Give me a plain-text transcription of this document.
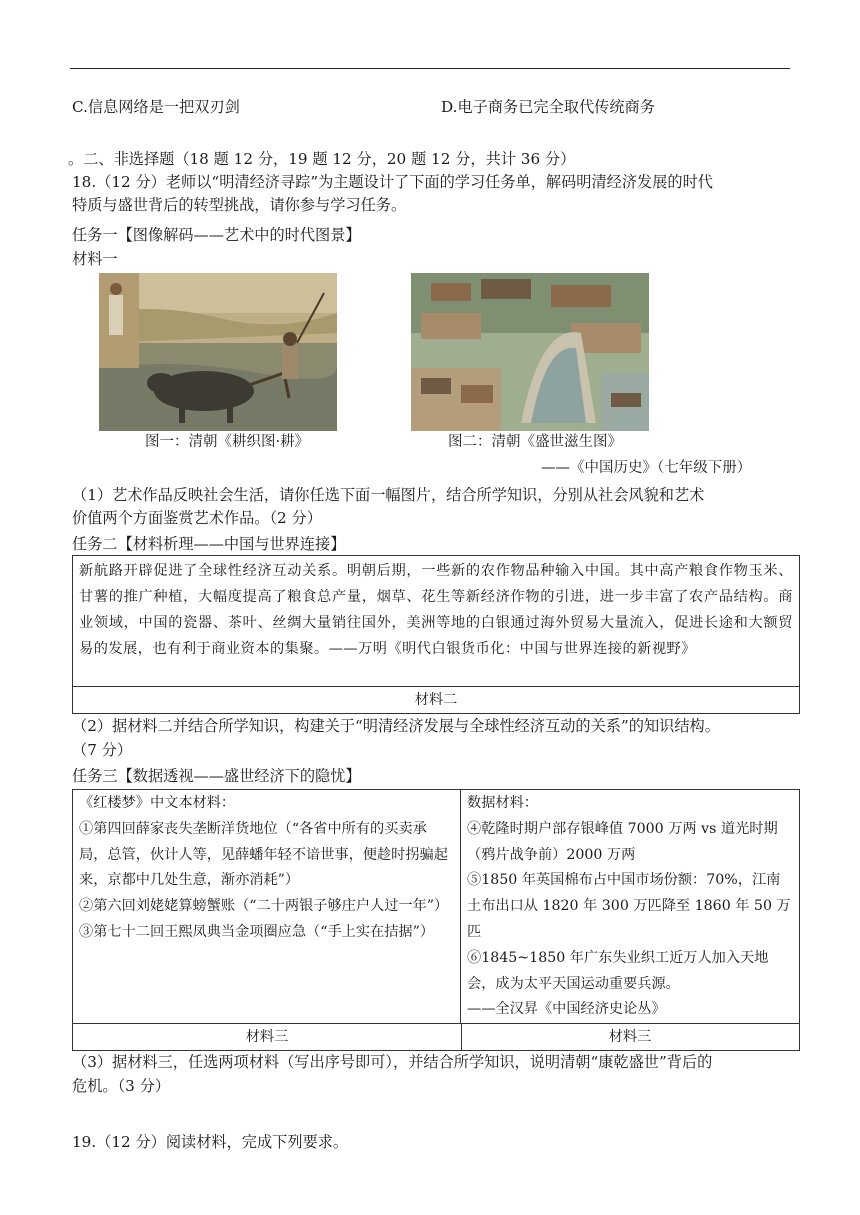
C.信息网络是一把双刃剑	D.电子商务已完全取代传统商务
。二、非选择题（18 题 12 分，19 题 12 分，20 题 12 分，共计 36 分）
18.（12 分）老师以“明清经济寻踪”为主题设计了下面的学习任务单，解码明清经济发展的时代
特质与盛世背后的转型挑战，请你参与学习任务。
任务一【图像解码——艺术中的时代图景】
材料一
图一：清朝《耕织图·耕》	图二：清朝《盛世滋生图》
——《中国历史》（七年级下册）
（1）艺术作品反映社会生活，请你任选下面一幅图片，结合所学知识，分别从社会风貌和艺术
价值两个方面鉴赏艺术作品。（2 分）
任务二【材料析理——中国与世界连接】
新航路开辟促进了全球性经济互动关系。明朝后期，一些新的农作物品种输入中国。其中高产粮食作物玉米、甘薯的推广种植，大幅度提高了粮食总产量，烟草、花生等新经济作物的引进，进一步丰富了农产品结构。商业领域，中国的瓷器、茶叶、丝绸大量销往国外，美洲等地的白银通过海外贸易大量流入，促进长途和大额贸易的发展，也有利于商业资本的集聚。——万明《明代白银货币化：中国与世界连接的新视野》
材料二
（2）据材料二并结合所学知识，构建关于“明清经济发展与全球性经济互动的关系”的知识结构。
（7 分）
任务三【数据透视——盛世经济下的隐忧】
《红楼梦》中文本材料：
①第四回薛家丧失垄断洋货地位（“各省中所有的买卖承局，总管，伙计人等，见薛蟠年轻不谙世事，便趁时拐骗起来，京都中几处生意，渐亦消耗”）
②第六回刘姥姥算螃蟹账（“二十两银子够庄户人过一年”）
③第七十二回王熙凤典当金项圈应急（“手上实在拮据”）
数据材料：
④乾隆时期户部存银峰值 7000 万两 vs 道光时期（鸦片战争前）2000 万两
⑤1850 年英国棉布占中国市场份额：70%，江南土布出口从 1820 年 300 万匹降至 1860 年 50 万匹
⑥1845~1850 年广东失业织工近万人加入天地会，成为太平天国运动重要兵源。
——全汉昇《中国经济史论丛》
材料三	材料三
（3）据材料三，任选两项材料（写出序号即可），并结合所学知识，说明清朝“康乾盛世”背后的
危机。（3 分）
19.（12 分）阅读材料，完成下列要求。
